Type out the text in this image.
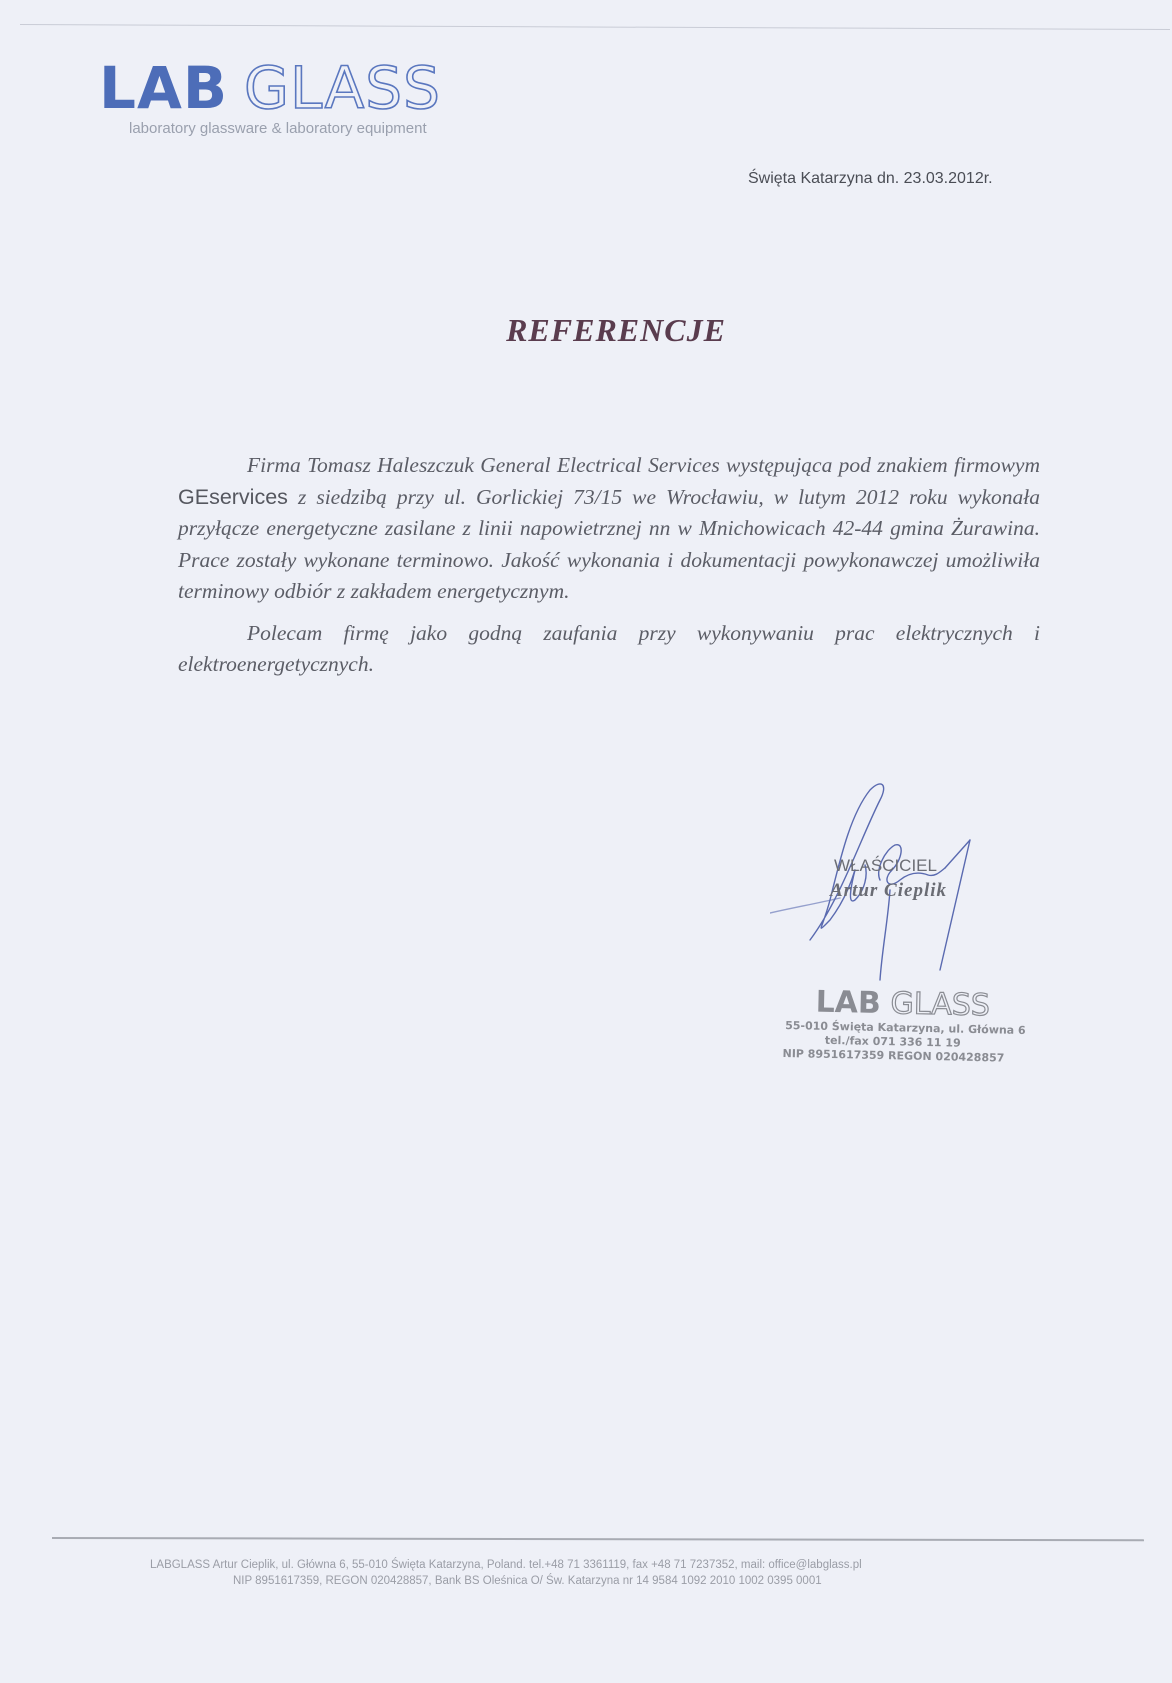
LAB GLASS
laboratory glassware & laboratory equipment
Święta Katarzyna dn. 23.03.2012r.
REFERENCJE

Firma Tomasz Haleszczuk General Electrical Services występująca pod znakiem firmowym GEservices z siedzibą przy ul. Gorlickiej 73/15 we Wrocławiu, w lutym 2012 roku wykonała przyłącze energetyczne zasilane z linii napowietrznej nn w Mnichowicach 42-44 gmina Żurawina. Prace zostały wykonane terminowo. Jakość wykonania i dokumentacji powykonawczej umożliwiła terminowy odbiór z zakładem energetycznym.

Polecam firmę jako godną zaufania przy wykonywaniu prac elektrycznych i elektroenergetycznych.

WŁAŚCICIEL
Artur Cieplik
LAB GLASS
55-010 Święta Katarzyna, ul. Główna 6
tel./fax 071 336 11 19
NIP 8951617359 REGON 020428857
LABGLASS Artur Cieplik, ul. Główna 6, 55-010 Święta Katarzyna, Poland. tel.+48 71 3361119, fax +48 71 7237352, mail: office@labglass.pl
NIP 8951617359, REGON 020428857, Bank BS Oleśnica O/ Św. Katarzyna nr 14 9584 1092 2010 1002 0395 0001
